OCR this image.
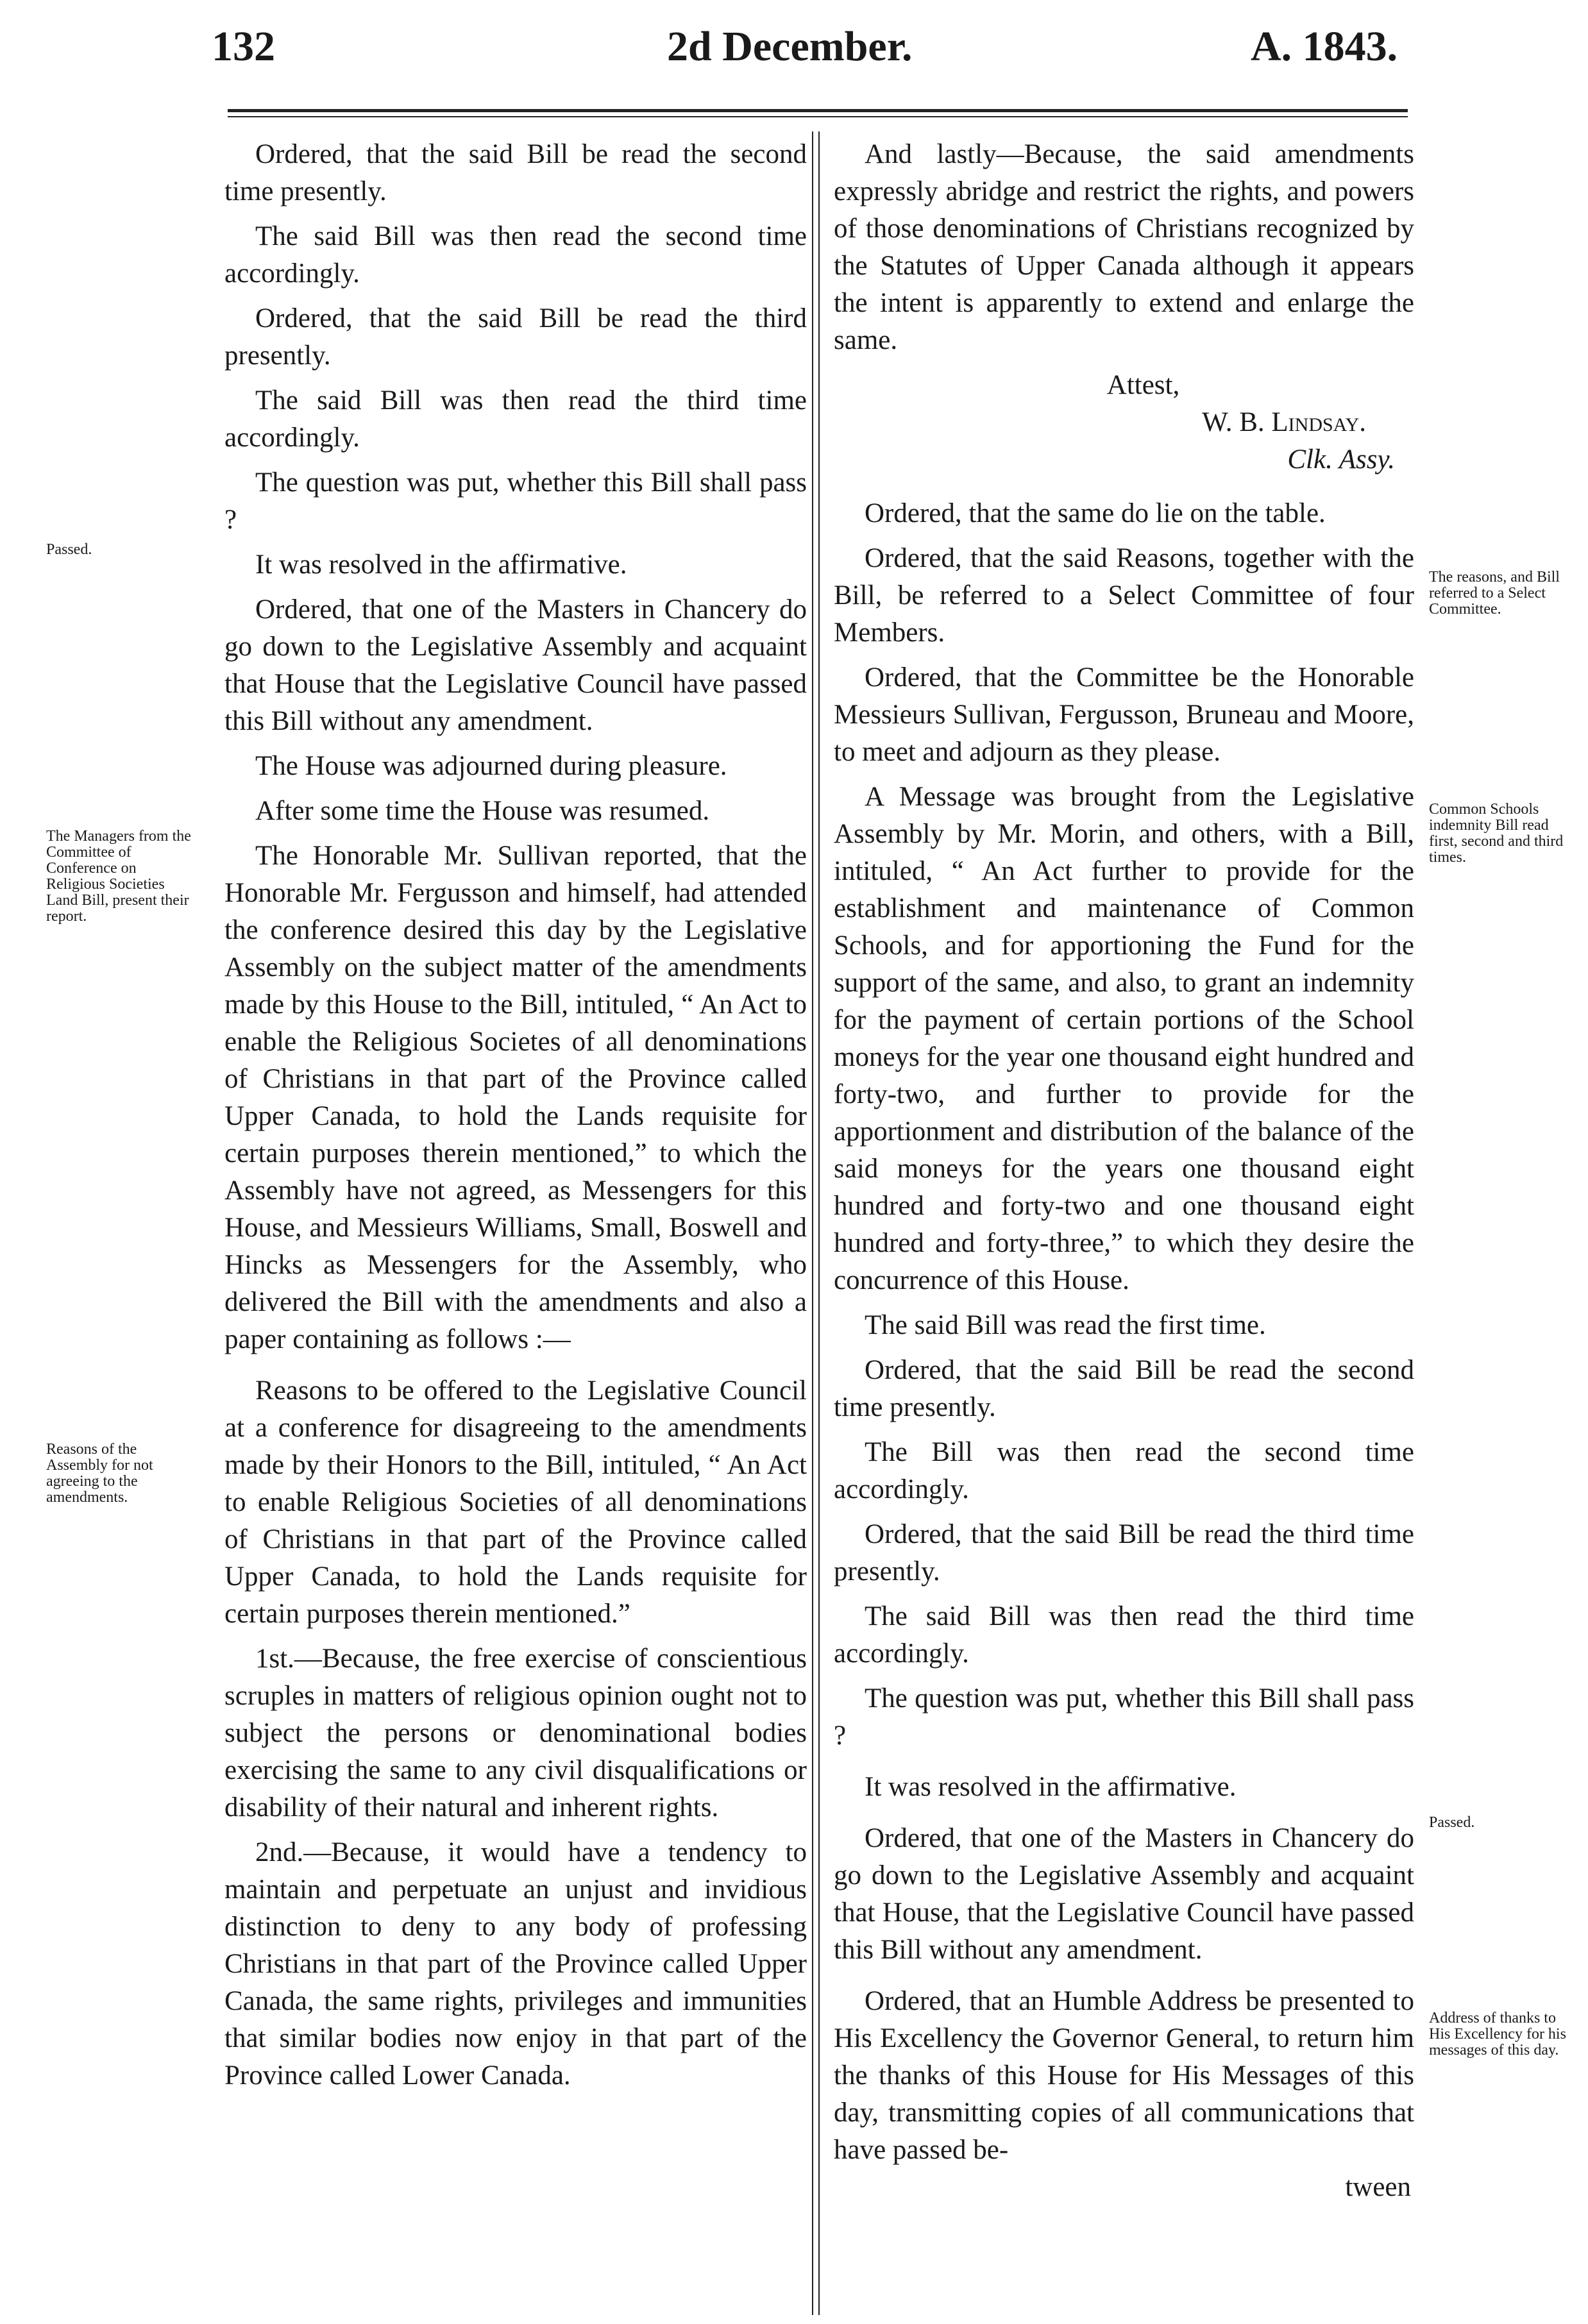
132	2d December.	A. 1843.

Ordered, that the said Bill be read the second time presently.

The said Bill was then read the second time accordingly.

Ordered, that the said Bill be read the third presently.

The said Bill was then read the third time accordingly.

The question was put, whether this Bill shall pass ?

It was resolved in the affirmative.

Ordered, that one of the Masters in Chancery do go down to the Legislative Assembly and acquaint that House that the Legislative Council have passed this Bill without any amendment.

The House was adjourned during pleasure.

After some time the House was resumed.

The Honorable Mr. Sullivan reported, that the Honorable Mr. Fergusson and himself, had attended the conference desired this day by the Legislative Assembly on the subject matter of the amendments made by this House to the Bill, intituled, “ An Act to enable the Religious Societes of all denominations of Christians in that part of the Province called Upper Canada, to hold the Lands requisite for certain purposes therein mentioned,” to which the Assembly have not agreed, as Messengers for this House, and Messieurs Williams, Small, Boswell and Hincks as Messengers for the Assembly, who delivered the Bill with the amendments and also a paper containing as follows :—

Reasons to be offered to the Legislative Council at a conference for disagreeing to the amendments made by their Honors to the Bill, intituled, “ An Act to enable Religious Societies of all denominations of Christians in that part of the Province called Upper Canada, to hold the Lands requisite for certain purposes therein mentioned.”

1st.—Because, the free exercise of conscientious scruples in matters of religious opinion ought not to subject the persons or denominational bodies exercising the same to any civil disqualifications or disability of their natural and inherent rights.

2nd.—Because, it would have a tendency to maintain and perpetuate an unjust and invidious distinction to deny to any body of professing Christians in that part of the Province called Upper Canada, the same rights, privileges and immunities that similar bodies now enjoy in that part of the Province called Lower Canada.

And lastly—Because, the said amendments expressly abridge and restrict the rights, and powers of those denominations of Christians recognized by the Statutes of Upper Canada although it appears the intent is apparently to extend and enlarge the same.

Attest,

W. B. Lindsay.

Clk. Assy.

Ordered, that the same do lie on the table.

Ordered, that the said Reasons, together with the Bill, be referred to a Select Committee of four Members.

Ordered, that the Committee be the Honorable Messieurs Sullivan, Fergusson, Bruneau and Moore, to meet and adjourn as they please.

A Message was brought from the Legislative Assembly by Mr. Morin, and others, with a Bill, intituled, “ An Act further to provide for the establishment and maintenance of Common Schools, and for apportioning the Fund for the support of the same, and also, to grant an indemnity for the payment of certain portions of the School moneys for the year one thousand eight hundred and forty-two, and further to provide for the apportionment and distribution of the balance of the said moneys for the years one thousand eight hundred and forty-two and one thousand eight hundred and forty-three,” to which they desire the concurrence of this House.

The said Bill was read the first time.

Ordered, that the said Bill be read the second time presently.

The Bill was then read the second time accordingly.

Ordered, that the said Bill be read the third time presently.

The said Bill was then read the third time accordingly.

The question was put, whether this Bill shall pass ?

It was resolved in the affirmative.

Ordered, that one of the Masters in Chancery do go down to the Legislative Assembly and acquaint that House, that the Legislative Council have passed this Bill without any amendment.

Ordered, that an Humble Address be presented to His Excellency the Governor General, to return him the thanks of this House for His Messages of this day, transmitting copies of all communications that have passed be-

tween

Passed.
The Managers from the Committee of Conference on Religious Societies Land Bill, present their report.
Reasons of the Assembly for not agreeing to the amendments.
The reasons, and Bill referred to a Select Committee.
Common Schools indemnity Bill read first, second and third times.
Passed.
Address of thanks to His Excellency for his messages of this day.
